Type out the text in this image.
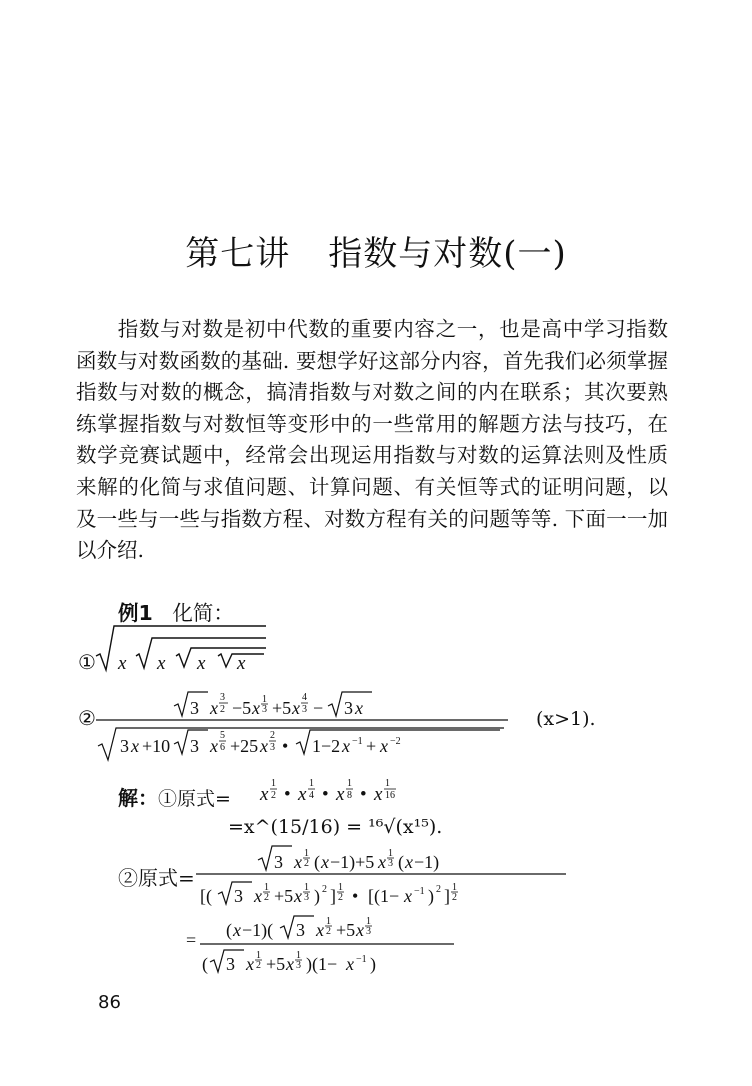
第七讲 指数与对数(一)

指数与对数是初中代数的重要内容之一，也是高中学习指数函数与对数函数的基础. 要想学好这部分内容，首先我们必须掌握指数与对数的概念，搞清指数与对数之间的内在联系；其次要熟练掌握指数与对数恒等变形中的一些常用的解题方法与技巧，在数学竞赛试题中，经常会出现运用指数与对数的运算法则及性质来解的化简与求值问题、计算问题、有关恒等式的证明问题，以及一些与一些与指数方程、对数方程有关的问题等等. 下面一一加以介绍.

例1 化简：
① x x x x
②	3 x
3
2 −5 x 1
3 +5 x
4
3 − 3 x
3 x +10 3 x
5
6 +25 x
2
3 • 1−2 x −1 + x −2
(x>1).
解：①原式= x
1
2 • x
1
4 • x
1
8 • x
1
16
=x^(15/16) = ¹⁶√(x¹⁵).
②原式=
3 x 1
2 ( x −1)+5 x 1
3 ( x −1)
[( 3 x 1
2 +5 x 1
3 ) 2 ] 1
2 • [(1− x −1 ) 2 ] 1
2
= ( x −1)( 3 x 1
2 +5 x 1
3
( 3 x 1
2 +5 x 1
3 )(1− x −1 )
86
